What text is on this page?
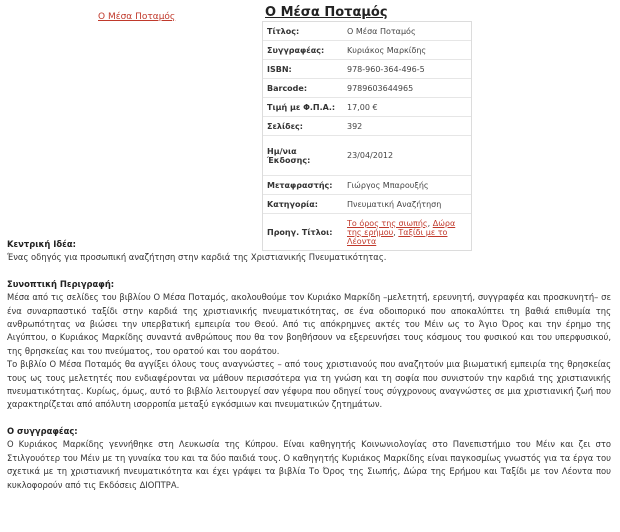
Ο Μέσα Ποταμός	Ο Μέσα Ποταμός
Τίτλος:	Ο Μέσα Ποταμός
Συγγραφέας:	Κυριάκος Μαρκίδης
ISBN:	978-960-364-496-5
Barcode:	9789603644965
Τιμή με Φ.Π.Α.:	17,00 €
Σελίδες:	392
Ημ/νια Έκδοσης:	23/04/2012
Μεταφραστής:	Γιώργος Μπαρουξής
Κατηγορία:	Πνευματική Αναζήτηση
Προηγ. Τίτλοι:	Το όρος της σιωπής, Δώρα της ερήμου, Ταξίδι με το Λέοντα
Κεντρική Ιδέα:

Ένας οδηγός για προσωπική αναζήτηση στην καρδιά της Χριστιανικής Πνευματικότητας.

Συνοπτική Περιγραφή:

Μέσα από τις σελίδες του βιβλίου Ο Μέσα Ποταμός, ακολουθούμε τον Κυριάκο Μαρκίδη –μελετητή, ερευνητή, συγγραφέα και προσκυνητή– σε ένα συναρπαστικό ταξίδι στην καρδιά της χριστιανικής πνευματικότητας, σε ένα οδοιπορικό που αποκαλύπτει τη βαθιά επιθυμία της ανθρωπότητας να βιώσει την υπερβατική εμπειρία του Θεού. Από τις απόκρημνες ακτές του Μέιν ως το Άγιο Όρος και την έρημο της Αιγύπτου, ο Κυριάκος Μαρκίδης συναντά ανθρώπους που θα τον βοηθήσουν να εξερευνήσει τους κόσμους του φυσικού και του υπερφυσικού, της θρησκείας και του πνεύματος, του ορατού και του αοράτου.

Το βιβλίο Ο Μέσα Ποταμός θα αγγίξει όλους τους αναγνώστες – από τους χριστιανούς που αναζητούν μια βιωματική εμπειρία της θρησκείας τους ως τους μελετητές που ενδιαφέρονται να μάθουν περισσότερα για τη γνώση και τη σοφία που συνιστούν την καρδιά της χριστιανικής πνευματικότητας. Κυρίως, όμως, αυτό το βιβλίο λειτουργεί σαν γέφυρα που οδηγεί τους σύγχρονους αναγνώστες σε μια χριστιανική ζωή που χαρακτηρίζεται από απόλυτη ισορροπία μεταξύ εγκόσμιων και πνευματικών ζητημάτων.

Ο συγγραφέας:

Ο Κυριάκος Μαρκίδης γεννήθηκε στη Λευκωσία της Κύπρου. Είναι καθηγητής Κοινωνιολογίας στο Πανεπιστήμιο του Μέιν και ζει στο Στιλγουότερ του Μέιν με τη γυναίκα του και τα δύο παιδιά τους. Ο καθηγητής Κυριάκος Μαρκίδης είναι παγκοσμίως γνωστός για τα έργα του σχετικά με τη χριστιανική πνευματικότητα και έχει γράψει τα βιβλία Το Όρος της Σιωπής, Δώρα της Ερήμου και Ταξίδι με τον Λέοντα που κυκλοφορούν από τις Εκδόσεις ΔΙΟΠΤΡΑ.
